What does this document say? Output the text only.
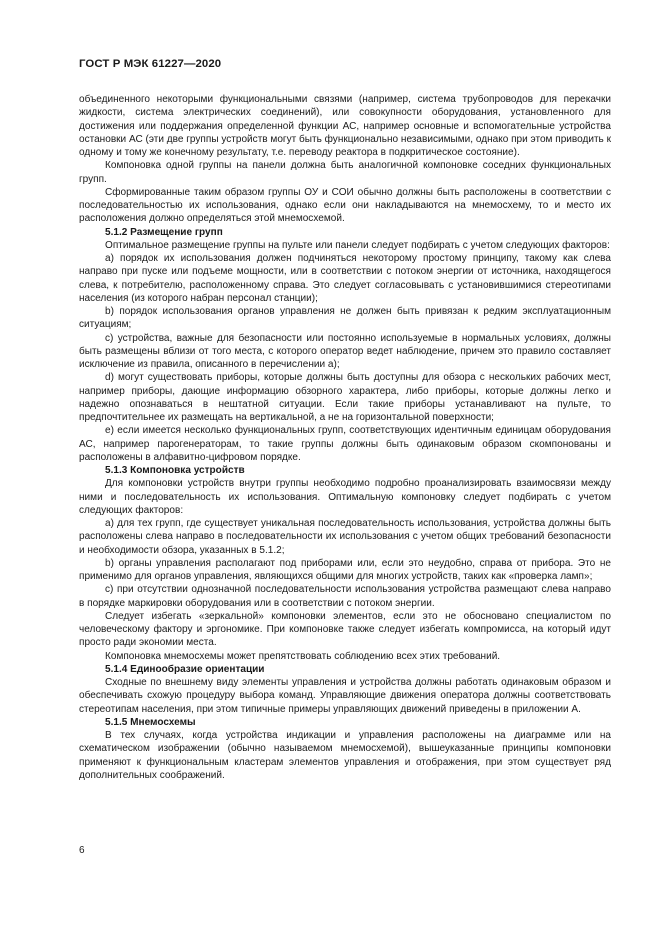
ГОСТ Р МЭК 61227—2020

объединенного некоторыми функциональными связями (например, система трубопроводов для перекачки жидкости, система электрических соединений), или совокупности оборудования, установленного для достижения или поддержания определенной функции АС, например основные и вспомогательные устройства остановки АС (эти две группы устройств могут быть функционально независимыми, однако при этом приводить к одному и тому же конечному результату, т.е. переводу реактора в подкритическое состояние).

Компоновка одной группы на панели должна быть аналогичной компоновке соседних функциональных групп.

Сформированные таким образом группы ОУ и СОИ обычно должны быть расположены в соответствии с последовательностью их использования, однако если они накладываются на мнемосхему, то и место их расположения должно определяться этой мнемосхемой.

5.1.2 Размещение групп

Оптимальное размещение группы на пульте или панели следует подбирать с учетом следующих факторов:

a) порядок их использования должен подчиняться некоторому простому принципу, такому как слева направо при пуске или подъеме мощности, или в соответствии с потоком энергии от источника, находящегося слева, к потребителю, расположенному справа. Это следует согласовывать с установившимися стереотипами населения (из которого набран персонал станции);

b) порядок использования органов управления не должен быть привязан к редким эксплуатационным ситуациям;

c) устройства, важные для безопасности или постоянно используемые в нормальных условиях, должны быть размещены вблизи от того места, с которого оператор ведет наблюдение, причем это правило составляет исключение из правила, описанного в перечислении а);

d) могут существовать приборы, которые должны быть доступны для обзора с нескольких рабочих мест, например приборы, дающие информацию обзорного характера, либо приборы, которые должны легко и надежно опознаваться в нештатной ситуации. Если такие приборы устанавливают на пульте, то предпочтительнее их размещать на вертикальной, а не на горизонтальной поверхности;

e) если имеется несколько функциональных групп, соответствующих идентичным единицам оборудования АС, например парогенераторам, то такие группы должны быть одинаковым образом скомпонованы и расположены в алфавитно-цифровом порядке.

5.1.3 Компоновка устройств

Для компоновки устройств внутри группы необходимо подробно проанализировать взаимосвязи между ними и последовательность их использования. Оптимальную компоновку следует подбирать с учетом следующих факторов:

a) для тех групп, где существует уникальная последовательность использования, устройства должны быть расположены слева направо в последовательности их использования с учетом общих требований безопасности и необходимости обзора, указанных в 5.1.2;

b) органы управления располагают под приборами или, если это неудобно, справа от прибора. Это не применимо для органов управления, являющихся общими для многих устройств, таких как «проверка ламп»;

c) при отсутствии однозначной последовательности использования устройства размещают слева направо в порядке маркировки оборудования или в соответствии с потоком энергии.

Следует избегать «зеркальной» компоновки элементов, если это не обосновано специалистом по человеческому фактору и эргономике. При компоновке также следует избегать компромисса, на который идут просто ради экономии места.

Компоновка мнемосхемы может препятствовать соблюдению всех этих требований.

5.1.4 Единообразие ориентации

Сходные по внешнему виду элементы управления и устройства должны работать одинаковым образом и обеспечивать схожую процедуру выбора команд. Управляющие движения оператора должны соответствовать стереотипам населения, при этом типичные примеры управляющих движений приведены в приложении А.

5.1.5 Мнемосхемы

В тех случаях, когда устройства индикации и управления расположены на диаграмме или на схематическом изображении (обычно называемом мнемосхемой), вышеуказанные принципы компоновки применяют к функциональным кластерам элементов управления и отображения, при этом существует ряд дополнительных соображений.

6
